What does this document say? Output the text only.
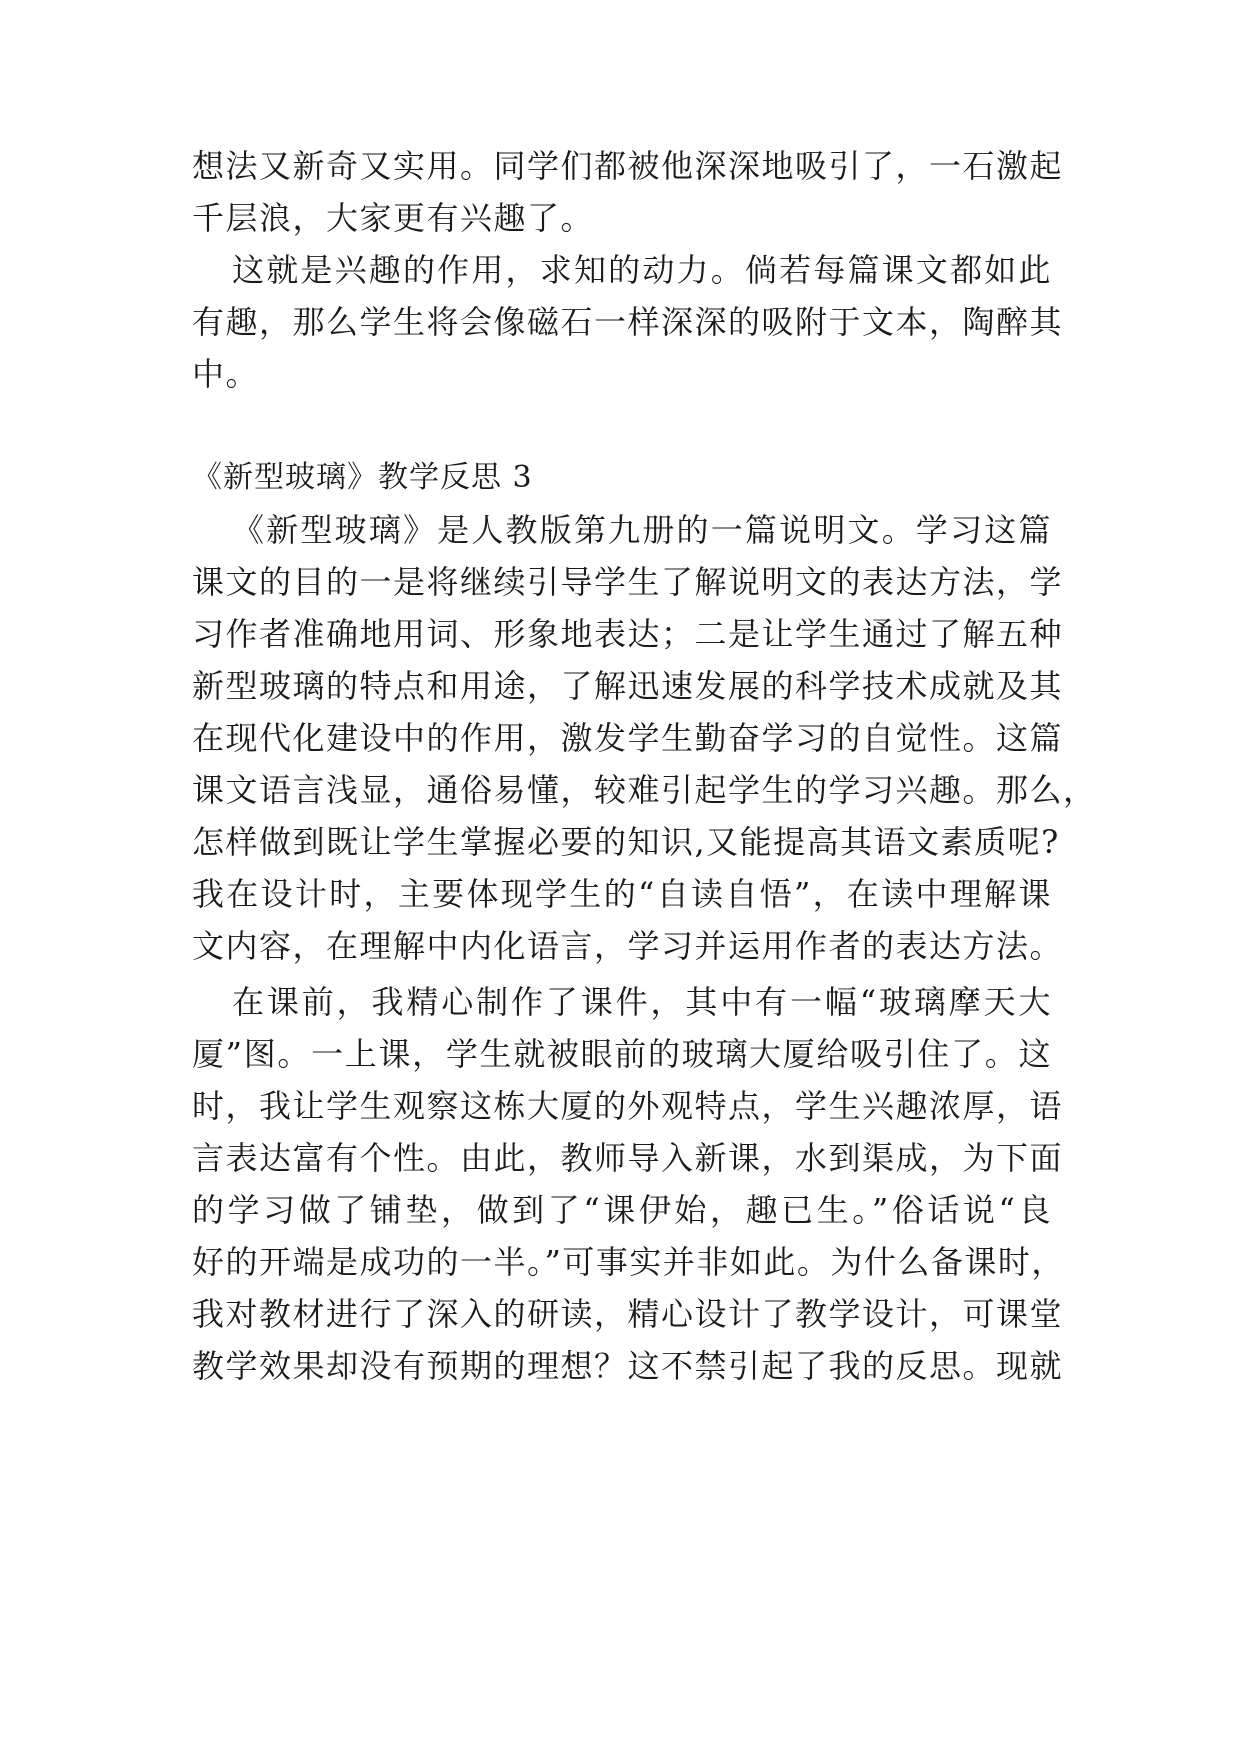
想法又新奇又实用。同学们都被他深深地吸引了，一石激起
千层浪，大家更有兴趣了。
这就是兴趣的作用，求知的动力。倘若每篇课文都如此
有趣，那么学生将会像磁石一样深深的吸附于文本，陶醉其
中。
《新型玻璃》教学反思 3
《新型玻璃》是人教版第九册的一篇说明文。学习这篇
课文的目的一是将继续引导学生了解说明文的表达方法，学
习作者准确地用词、形象地表达；二是让学生通过了解五种
新型玻璃的特点和用途，了解迅速发展的科学技术成就及其
在现代化建设中的作用，激发学生勤奋学习的自觉性。这篇
课文语言浅显，通俗易懂，较难引起学生的学习兴趣。那么，
怎样做到既让学生掌握必要的知识,又能提高其语文素质呢?
我在设计时，主要体现学生的“自读自悟”，在读中理解课
文内容，在理解中内化语言，学习并运用作者的表达方法。
在课前，我精心制作了课件，其中有一幅“玻璃摩天大
厦”图。一上课，学生就被眼前的玻璃大厦给吸引住了。这
时，我让学生观察这栋大厦的外观特点，学生兴趣浓厚，语
言表达富有个性。由此，教师导入新课，水到渠成，为下面
的学习做了铺垫，做到了“课伊始，趣已生。”俗话说“良
好的开端是成功的一半。”可事实并非如此。为什么备课时，
我对教材进行了深入的研读，精心设计了教学设计，可课堂
教学效果却没有预期的理想？这不禁引起了我的反思。现就
